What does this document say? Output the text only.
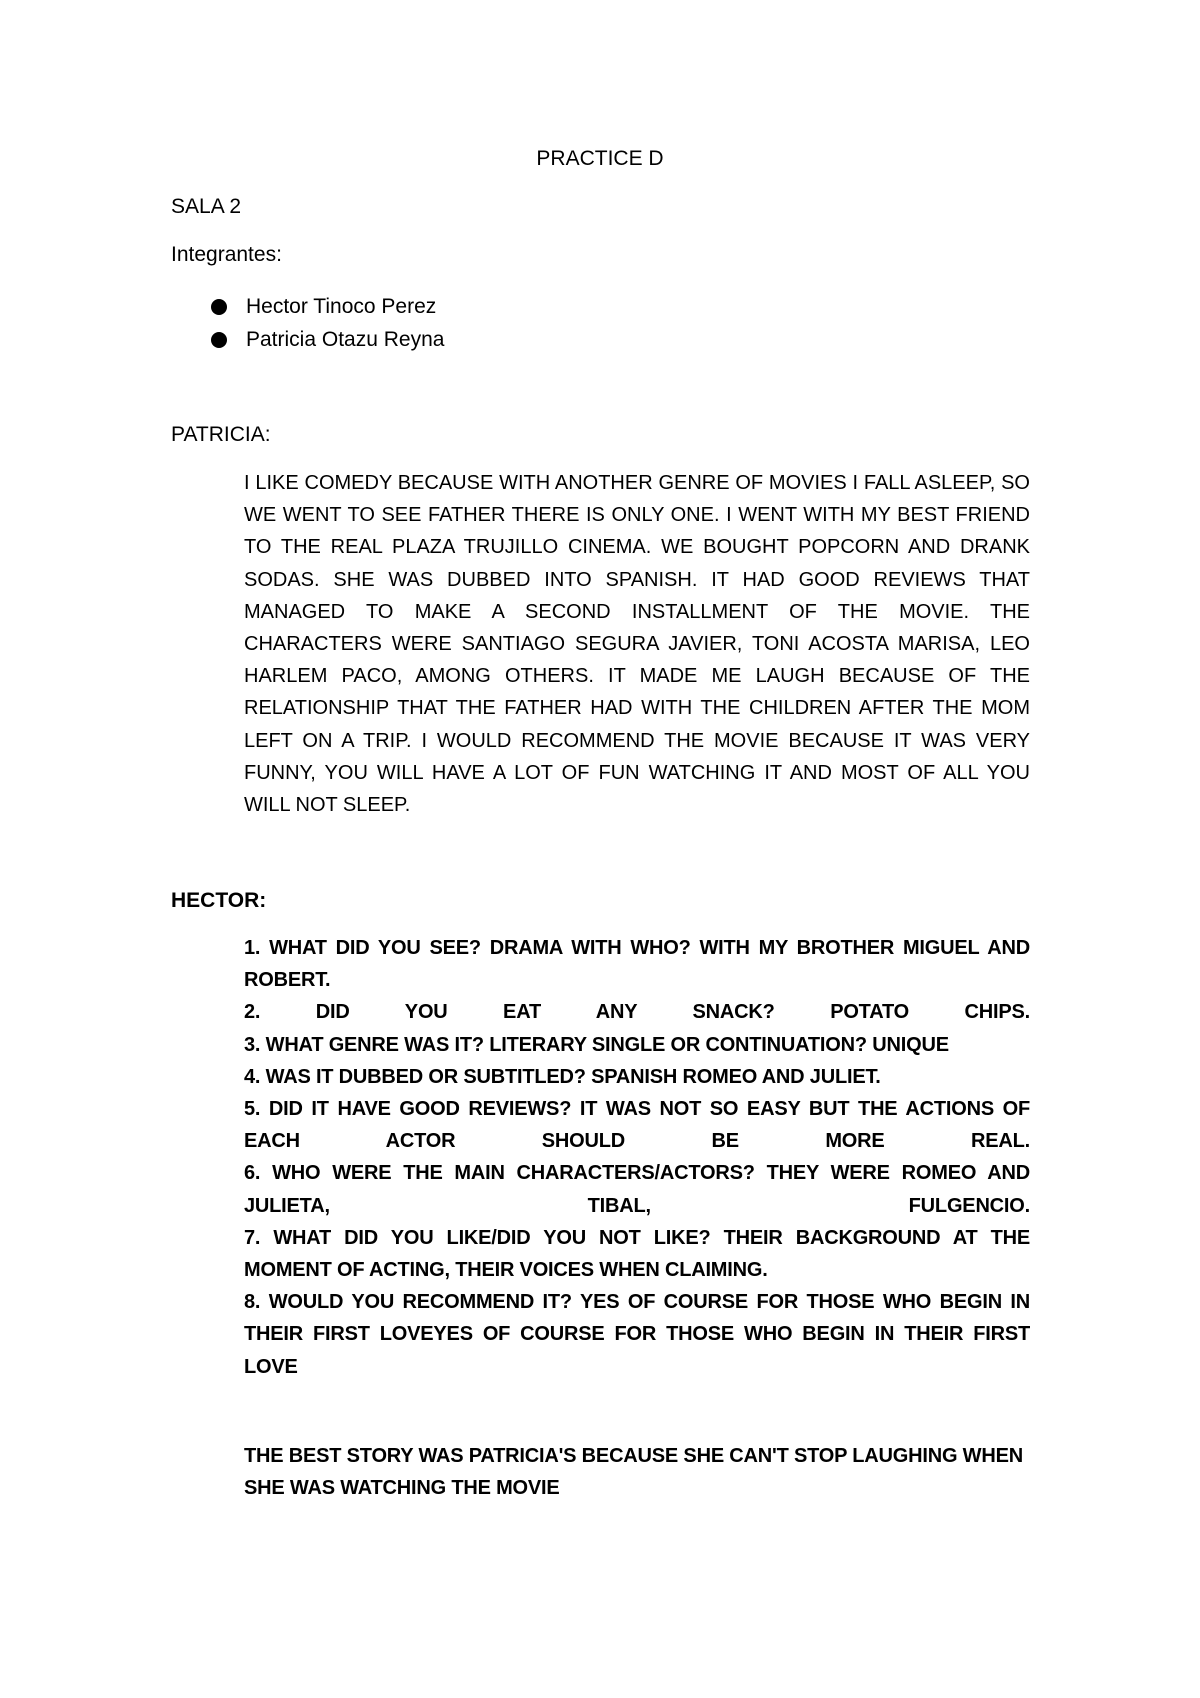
PRACTICE D
SALA 2
Integrantes:
Hector Tinoco Perez
Patricia Otazu Reyna
PATRICIA:

I LIKE COMEDY BECAUSE WITH ANOTHER GENRE OF MOVIES I FALL ASLEEP, SO WE WENT TO SEE FATHER THERE IS ONLY ONE. I WENT WITH MY BEST FRIEND TO THE REAL PLAZA TRUJILLO CINEMA. WE BOUGHT POPCORN AND DRANK SODAS. SHE WAS DUBBED INTO SPANISH. IT HAD GOOD REVIEWS THAT MANAGED TO MAKE A SECOND INSTALLMENT OF THE MOVIE. THE CHARACTERS WERE SANTIAGO SEGURA JAVIER, TONI ACOSTA MARISA, LEO HARLEM PACO, AMONG OTHERS. IT MADE ME LAUGH BECAUSE OF THE RELATIONSHIP THAT THE FATHER HAD WITH THE CHILDREN AFTER THE MOM LEFT ON A TRIP. I WOULD RECOMMEND THE MOVIE BECAUSE IT WAS VERY FUNNY, YOU WILL HAVE A LOT OF FUN WATCHING IT AND MOST OF ALL YOU WILL NOT SLEEP.

HECTOR:

1. WHAT DID YOU SEE? DRAMA WITH WHO? WITH MY BROTHER MIGUEL AND ROBERT.

2. DID YOU EAT ANY SNACK? POTATO CHIPS.

3. WHAT GENRE WAS IT? LITERARY SINGLE OR CONTINUATION? UNIQUE

4. WAS IT DUBBED OR SUBTITLED? SPANISH ROMEO AND JULIET.

5. DID IT HAVE GOOD REVIEWS? IT WAS NOT SO EASY BUT THE ACTIONS OF EACH ACTOR SHOULD BE MORE REAL.

6. WHO WERE THE MAIN CHARACTERS/ACTORS? THEY WERE ROMEO AND JULIETA, TIBAL, FULGENCIO.

7. WHAT DID YOU LIKE/DID YOU NOT LIKE? THEIR BACKGROUND AT THE MOMENT OF ACTING, THEIR VOICES WHEN CLAIMING.

8. WOULD YOU RECOMMEND IT? YES OF COURSE FOR THOSE WHO BEGIN IN THEIR FIRST LOVEYES OF COURSE FOR THOSE WHO BEGIN IN THEIR FIRST LOVE

THE BEST STORY WAS PATRICIA'S BECAUSE SHE CAN'T STOP LAUGHING WHEN SHE WAS WATCHING THE MOVIE
